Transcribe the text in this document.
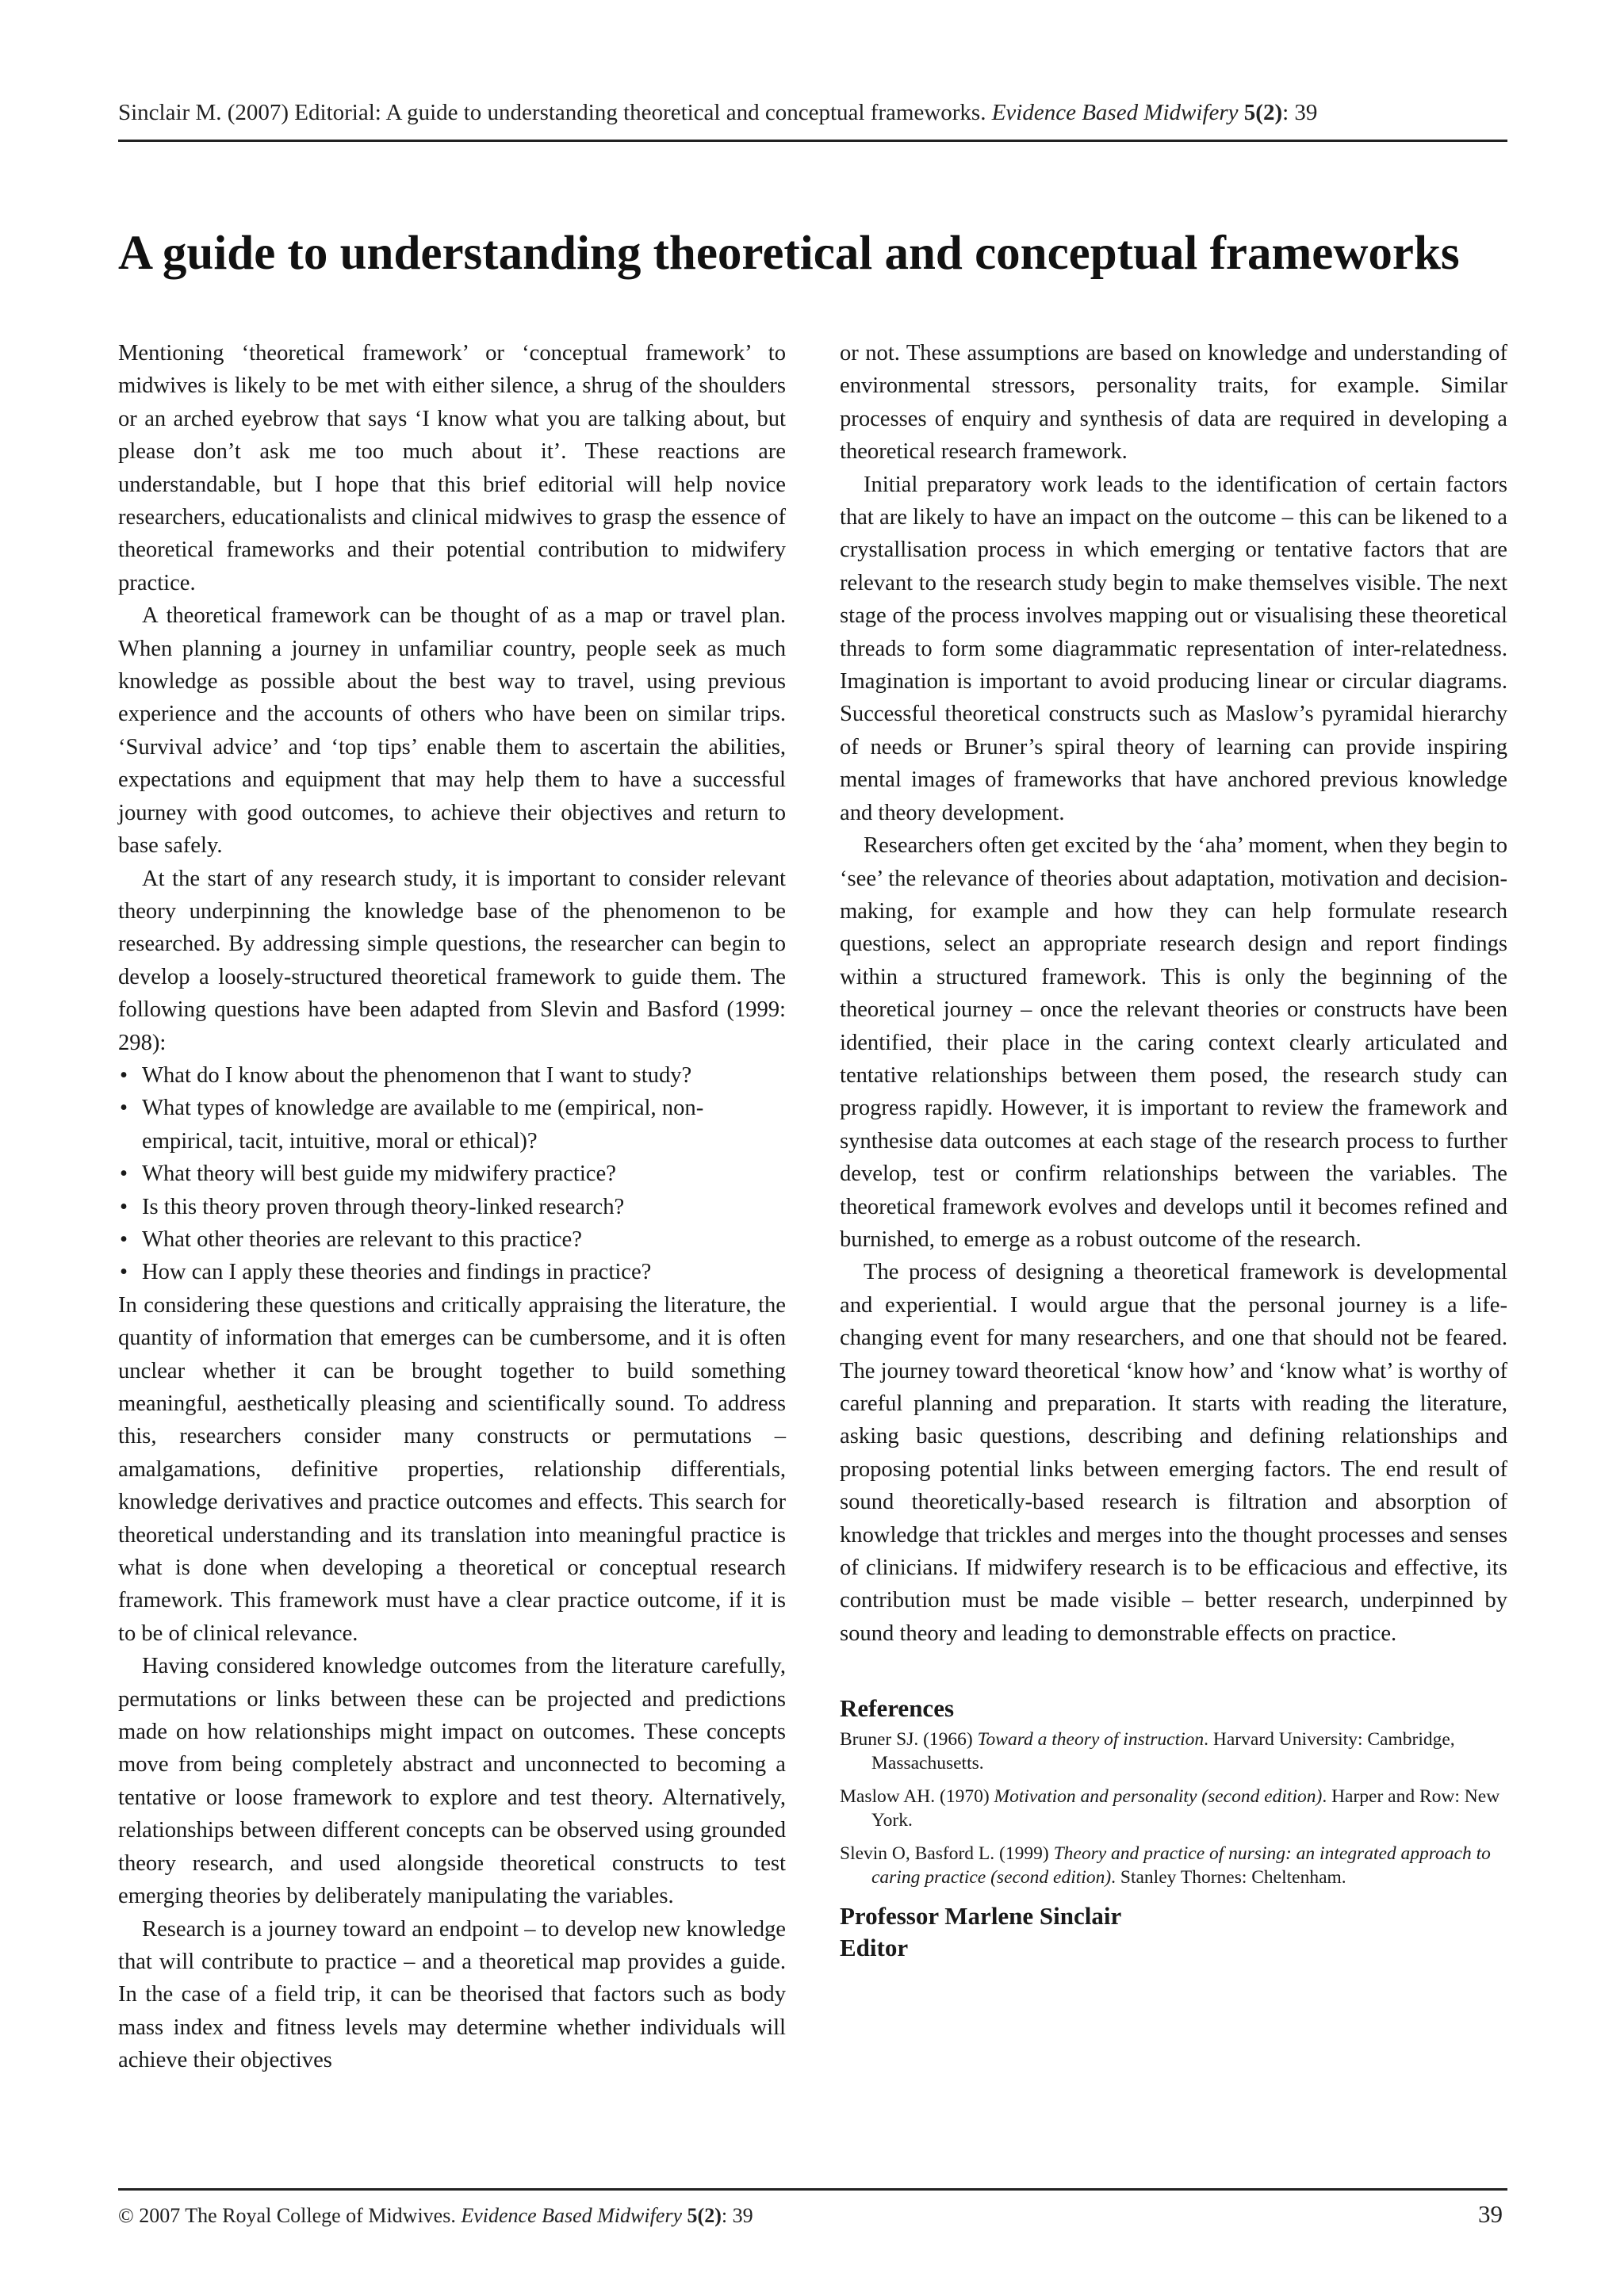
Sinclair M. (2007) Editorial: A guide to understanding theoretical and conceptual frameworks. Evidence Based Midwifery 5(2): 39
A guide to understanding theoretical and conceptual frameworks

Mentioning ‘theoretical framework’ or ‘conceptual framework’ to midwives is likely to be met with either silence, a shrug of the shoulders or an arched eyebrow that says ‘I know what you are talking about, but please don’t ask me too much about it’. These reactions are understandable, but I hope that this brief editorial will help novice researchers, educationalists and clinical midwives to grasp the essence of theoretical frameworks and their potential contribution to midwifery practice.

A theoretical framework can be thought of as a map or travel plan. When planning a journey in unfamiliar country, people seek as much knowledge as possible about the best way to travel, using previous experience and the accounts of others who have been on similar trips. ‘Survival advice’ and ‘top tips’ enable them to ascertain the abilities, expectations and equipment that may help them to have a successful journey with good outcomes, to achieve their objectives and return to base safely.

At the start of any research study, it is important to consider relevant theory underpinning the knowledge base of the phenomenon to be researched. By addressing simple questions, the researcher can begin to develop a loosely-structured theoretical framework to guide them. The following questions have been adapted from Slevin and Basford (1999: 298):

• What do I know about the phenomenon that I want to study?
• What types of knowledge are available to me (empirical, non-empirical, tacit, intuitive, moral or ethical)?
• What theory will best guide my midwifery practice?
• Is this theory proven through theory-linked research?
• What other theories are relevant to this practice?
• How can I apply these theories and findings in practice?

In considering these questions and critically appraising the literature, the quantity of information that emerges can be cumbersome, and it is often unclear whether it can be brought together to build something meaningful, aesthetically pleasing and scientifically sound. To address this, researchers consider many constructs or permutations – amalgamations, definitive properties, relationship differentials, knowledge derivatives and practice outcomes and effects. This search for theoretical understanding and its translation into meaningful practice is what is done when developing a theoretical or conceptual research framework. This framework must have a clear practice outcome, if it is to be of clinical relevance.

Having considered knowledge outcomes from the literature carefully, permutations or links between these can be projected and predictions made on how relationships might impact on outcomes. These concepts move from being completely abstract and unconnected to becoming a tentative or loose framework to explore and test theory. Alternatively, relationships between different concepts can be observed using grounded theory research, and used alongside theoretical constructs to test emerging theories by deliberately manipulating the variables.

Research is a journey toward an endpoint – to develop new knowledge that will contribute to practice – and a theoretical map provides a guide. In the case of a field trip, it can be theorised that factors such as body mass index and fitness levels may determine whether individuals will achieve their objectives

or not. These assumptions are based on knowledge and understanding of environmental stressors, personality traits, for example. Similar processes of enquiry and synthesis of data are required in developing a theoretical research framework.

Initial preparatory work leads to the identification of certain factors that are likely to have an impact on the outcome – this can be likened to a crystallisation process in which emerging or tentative factors that are relevant to the research study begin to make themselves visible. The next stage of the process involves mapping out or visualising these theoretical threads to form some diagrammatic representation of inter-relatedness. Imagination is important to avoid producing linear or circular diagrams. Successful theoretical constructs such as Maslow’s pyramidal hierarchy of needs or Bruner’s spiral theory of learning can provide inspiring mental images of frameworks that have anchored previous knowledge and theory development.

Researchers often get excited by the ‘aha’ moment, when they begin to ‘see’ the relevance of theories about adaptation, motivation and decision-making, for example and how they can help formulate research questions, select an appropriate research design and report findings within a structured framework. This is only the beginning of the theoretical journey – once the relevant theories or constructs have been identified, their place in the caring context clearly articulated and tentative relationships between them posed, the research study can progress rapidly. However, it is important to review the framework and synthesise data outcomes at each stage of the research process to further develop, test or confirm relationships between the variables. The theoretical framework evolves and develops until it becomes refined and burnished, to emerge as a robust outcome of the research.

The process of designing a theoretical framework is developmental and experiential. I would argue that the personal journey is a life-changing event for many researchers, and one that should not be feared. The journey toward theoretical ‘know how’ and ‘know what’ is worthy of careful planning and preparation. It starts with reading the literature, asking basic questions, describing and defining relationships and proposing potential links between emerging factors. The end result of sound theoretically-based research is filtration and absorption of knowledge that trickles and merges into the thought processes and senses of clinicians. If midwifery research is to be efficacious and effective, its contribution must be made visible – better research, underpinned by sound theory and leading to demonstrable effects on practice.

References
Bruner SJ. (1966) Toward a theory of instruction. Harvard University: Cambridge, Massachusetts.
Maslow AH. (1970) Motivation and personality (second edition). Harper and Row: New York.
Slevin O, Basford L. (1999) Theory and practice of nursing: an integrated approach to caring practice (second edition). Stanley Thornes: Cheltenham.
Professor Marlene Sinclair
Editor
© 2007 The Royal College of Midwives. Evidence Based Midwifery 5(2): 39	39
